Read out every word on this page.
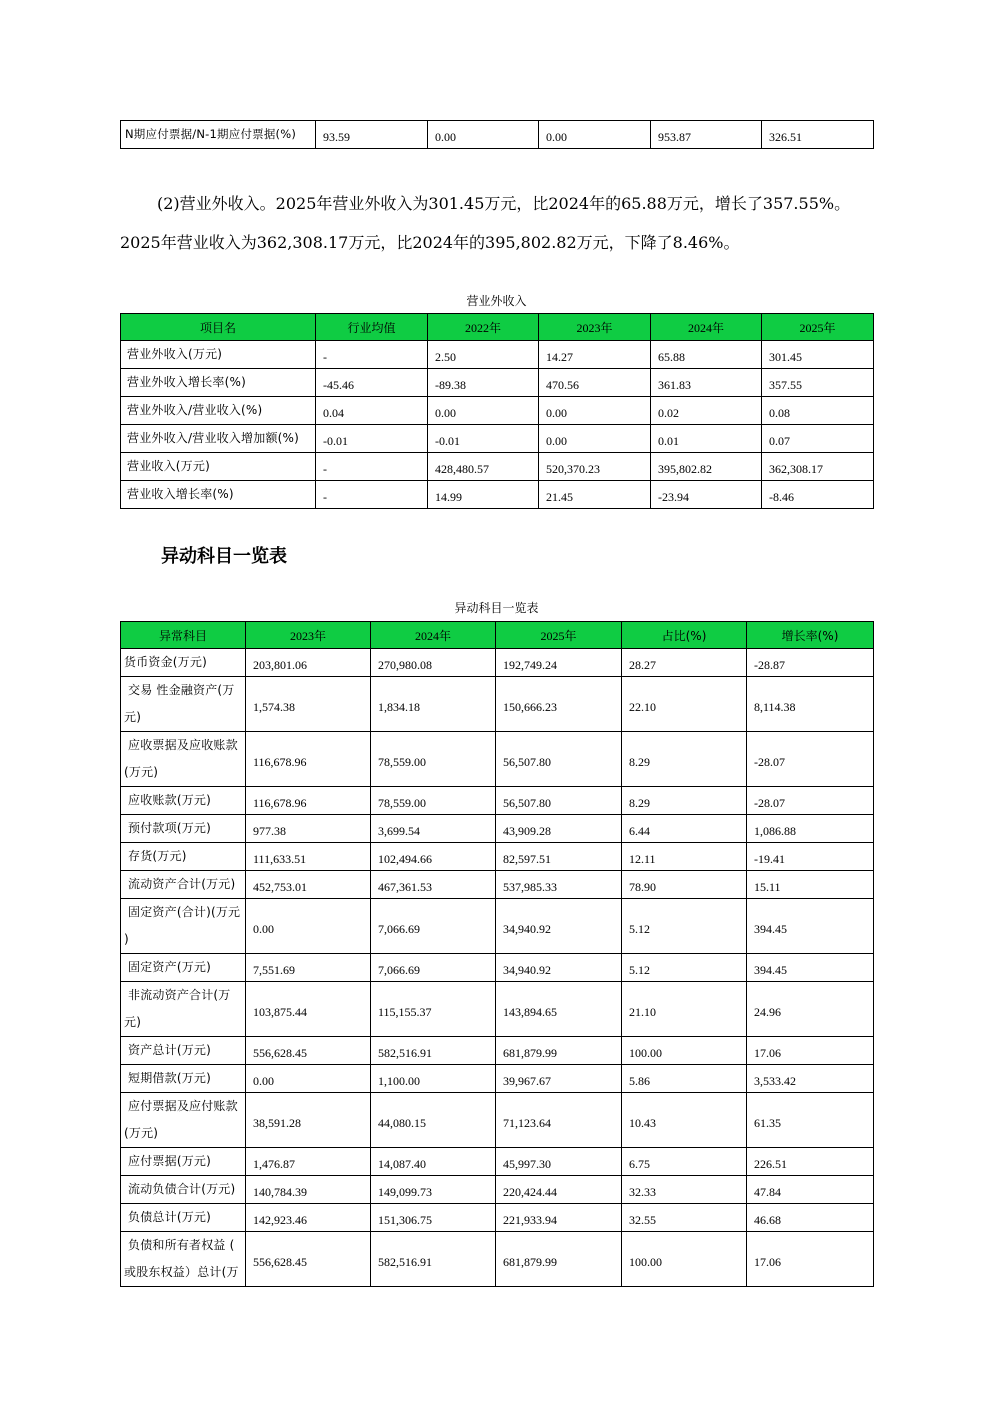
N期应付票据/N-1期应付票据(%)	93.59	0.00	0.00	953.87	326.51
(2)营业外收入。2025年营业外收入为301.45万元，比2024年的65.88万元，增长了357.55%。
2025年营业收入为362,308.17万元，比2024年的395,802.82万元，下降了8.46%。
营业外收入
项目名	行业均值	2022年	2023年	2024年	2025年
营业外收入(万元)	-	2.50	14.27	65.88	301.45
营业外收入增长率(%)	-45.46	-89.38	470.56	361.83	357.55
营业外收入/营业收入(%)	0.04	0.00	0.00	0.02	0.08
营业外收入/营业收入增加额(%)	-0.01	-0.01	0.00	0.01	0.07
营业收入(万元)	-	428,480.57	520,370.23	395,802.82	362,308.17
营业收入增长率(%)	-	14.99	21.45	-23.94	-8.46
异动科目一览表
异动科目一览表
异常科目	2023年	2024年	2025年	占比(%)	增长率(%)

货币资金(万元)	203,801.06	270,980.08	192,749.24	28.27	-28.87

交易 性金融资产(万
元)	1,574.38	1,834.18	150,666.23	22.10	8,114.38

应收票据及应收账款
(万元)	116,678.96	78,559.00	56,507.80	8.29	-28.07

应收账款(万元)	116,678.96	78,559.00	56,507.80	8.29	-28.07

预付款项(万元)	977.38	3,699.54	43,909.28	6.44	1,086.88

存货(万元)	111,633.51	102,494.66	82,597.51	12.11	-19.41

流动资产合计(万元)	452,753.01	467,361.53	537,985.33	78.90	15.11

固定资产(合计)(万元
)	0.00	7,066.69	34,940.92	5.12	394.45

固定资产(万元)	7,551.69	7,066.69	34,940.92	5.12	394.45

非流动资产合计(万
元)	103,875.44	115,155.37	143,894.65	21.10	24.96

资产总计(万元)	556,628.45	582,516.91	681,879.99	100.00	17.06

短期借款(万元)	0.00	1,100.00	39,967.67	5.86	3,533.42

应付票据及应付账款
(万元)	38,591.28	44,080.15	71,123.64	10.43	61.35

应付票据(万元)	1,476.87	14,087.40	45,997.30	6.75	226.51

流动负债合计(万元)	140,784.39	149,099.73	220,424.44	32.33	47.84

负债总计(万元)	142,923.46	151,306.75	221,933.94	32.55	46.68

负债和所有者权益 (
或股东权益）总计(万	556,628.45	582,516.91	681,879.99	100.00	17.06
